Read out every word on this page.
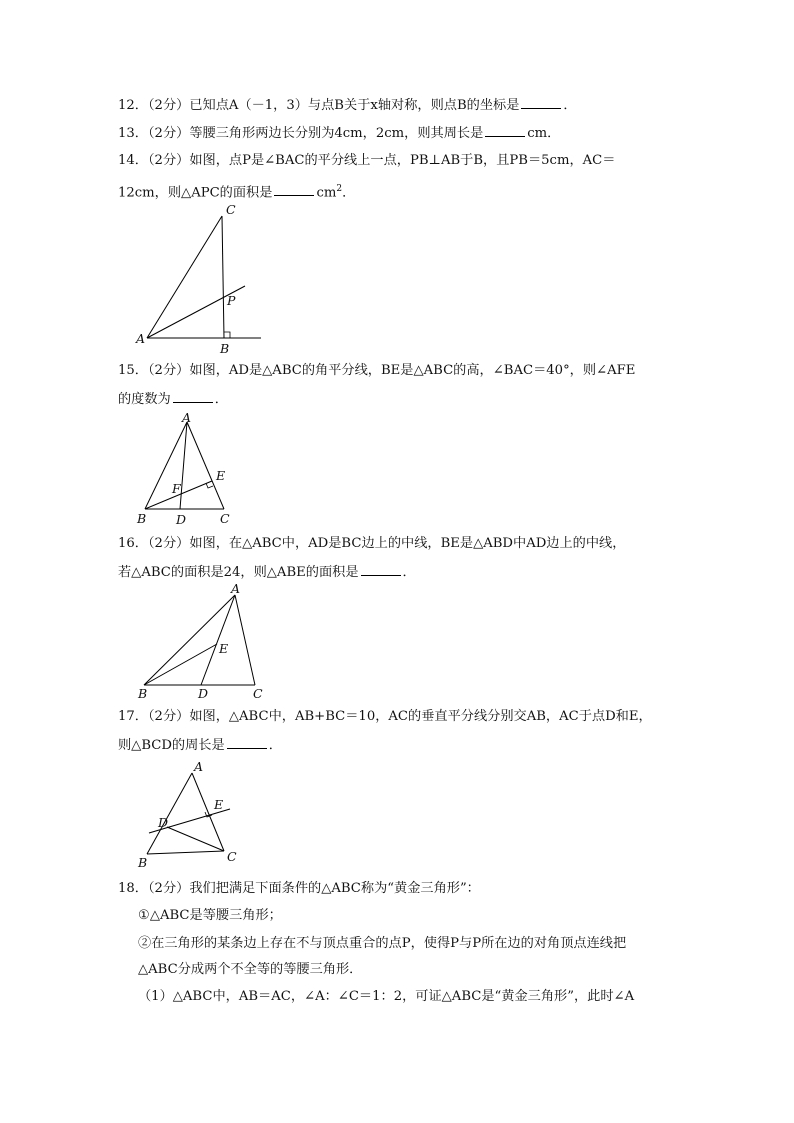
12．（2分）已知点A（－1，3）与点B关于x轴对称，则点B的坐标是	．
13．（2分）等腰三角形两边长分别为4cm，2cm，则其周长是	cm．
14．（2分）如图，点P是∠BAC的平分线上一点，PB⊥AB于B，且PB＝5cm，AC＝
12cm，则△APC的面积是	$cm^2$．
C
P
A
B
15．（2分）如图，AD是△ABC的角平分线，BE是△ABC的高，∠BAC＝40°，则∠AFE
的度数为	．
A
E
F
B D	C
16．（2分）如图，在△ABC中，AD是BC边上的中线，BE是△ABD中AD边上的中线，
若△ABC的面积是24，则△ABE的面积是	．
A
E
B	D	C
17．（2分）如图，△ABC中，AB+BC＝10，AC的垂直平分线分别交AB，AC于点D和E，
则△BCD的周长是	．
A
E
D
B	C
18．（2分）我们把满足下面条件的△ABC称为“黄金三角形”：
①△ABC是等腰三角形；
②在三角形的某条边上存在不与顶点重合的点P，使得P与P所在边的对角顶点连线把
△ABC分成两个不全等的等腰三角形．
（1）△ABC中，AB＝AC，∠A：∠C＝1：2，可证△ABC是“黄金三角形”，此时∠A
